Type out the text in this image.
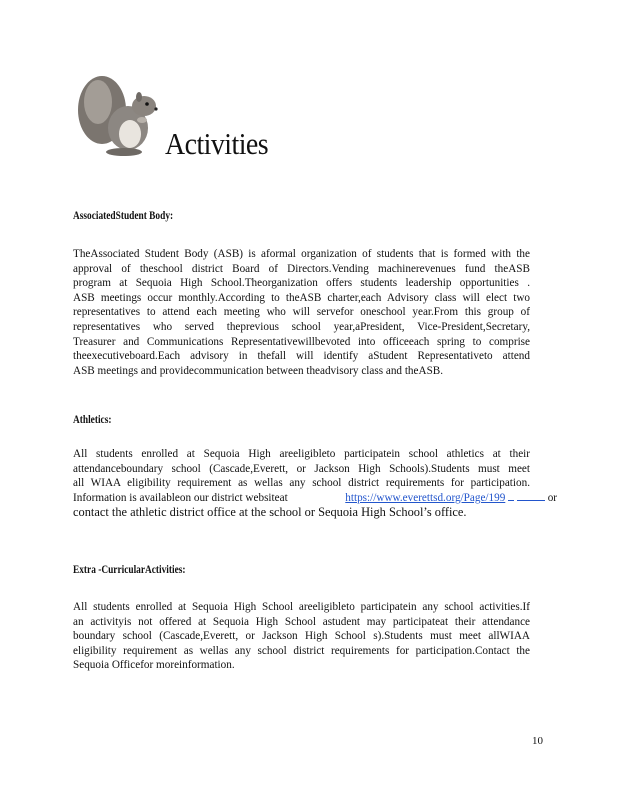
Activities
AssociatedStudent Body:
TheAssociated Student Body (ASB) is aformal organization of students that is formed with the
approval of theschool district Board of Directors.Vending machinerevenues fund theASB
program at Sequoia High School.Theorganization offers students leadership opportunities .
ASB meetings occur monthly.According to theASB charter,each Advisory class will elect two
representatives to attend each meeting who will servefor oneschool year.From this group of
representatives who served theprevious school year,aPresident, Vice-President,Secretary,
Treasurer and Communications Representativewillbevoted into officeeach spring to comprise
theexecutiveboard.Each advisory in thefall will identify aStudent Representativeto attend
ASB meetings and providecommunication between theadvisory class and theASB.
Athletics:
All students enrolled at Sequoia High areeligibleto participatein school athletics at their
attendanceboundary school (Cascade,Everett, or Jackson High Schools).Students must meet
all WIAA eligibility requirement as wellas any school district requirements for participation.
Information is availableon our district websiteat	https://www.everettsd.org/Page/199	or
contact the athletic district office at the school or Sequoia High School’s office.
Extra -CurricularActivities:
All students enrolled at Sequoia High School areeligibleto participatein any school activities.If
an activityis not offered at Sequoia High School astudent may participateat their attendance
boundary school (Cascade,Everett, or Jackson High School s).Students must meet allWIAA
eligibility requirement as wellas any school district requirements for participation.Contact the
Sequoia Officefor moreinformation.
10
